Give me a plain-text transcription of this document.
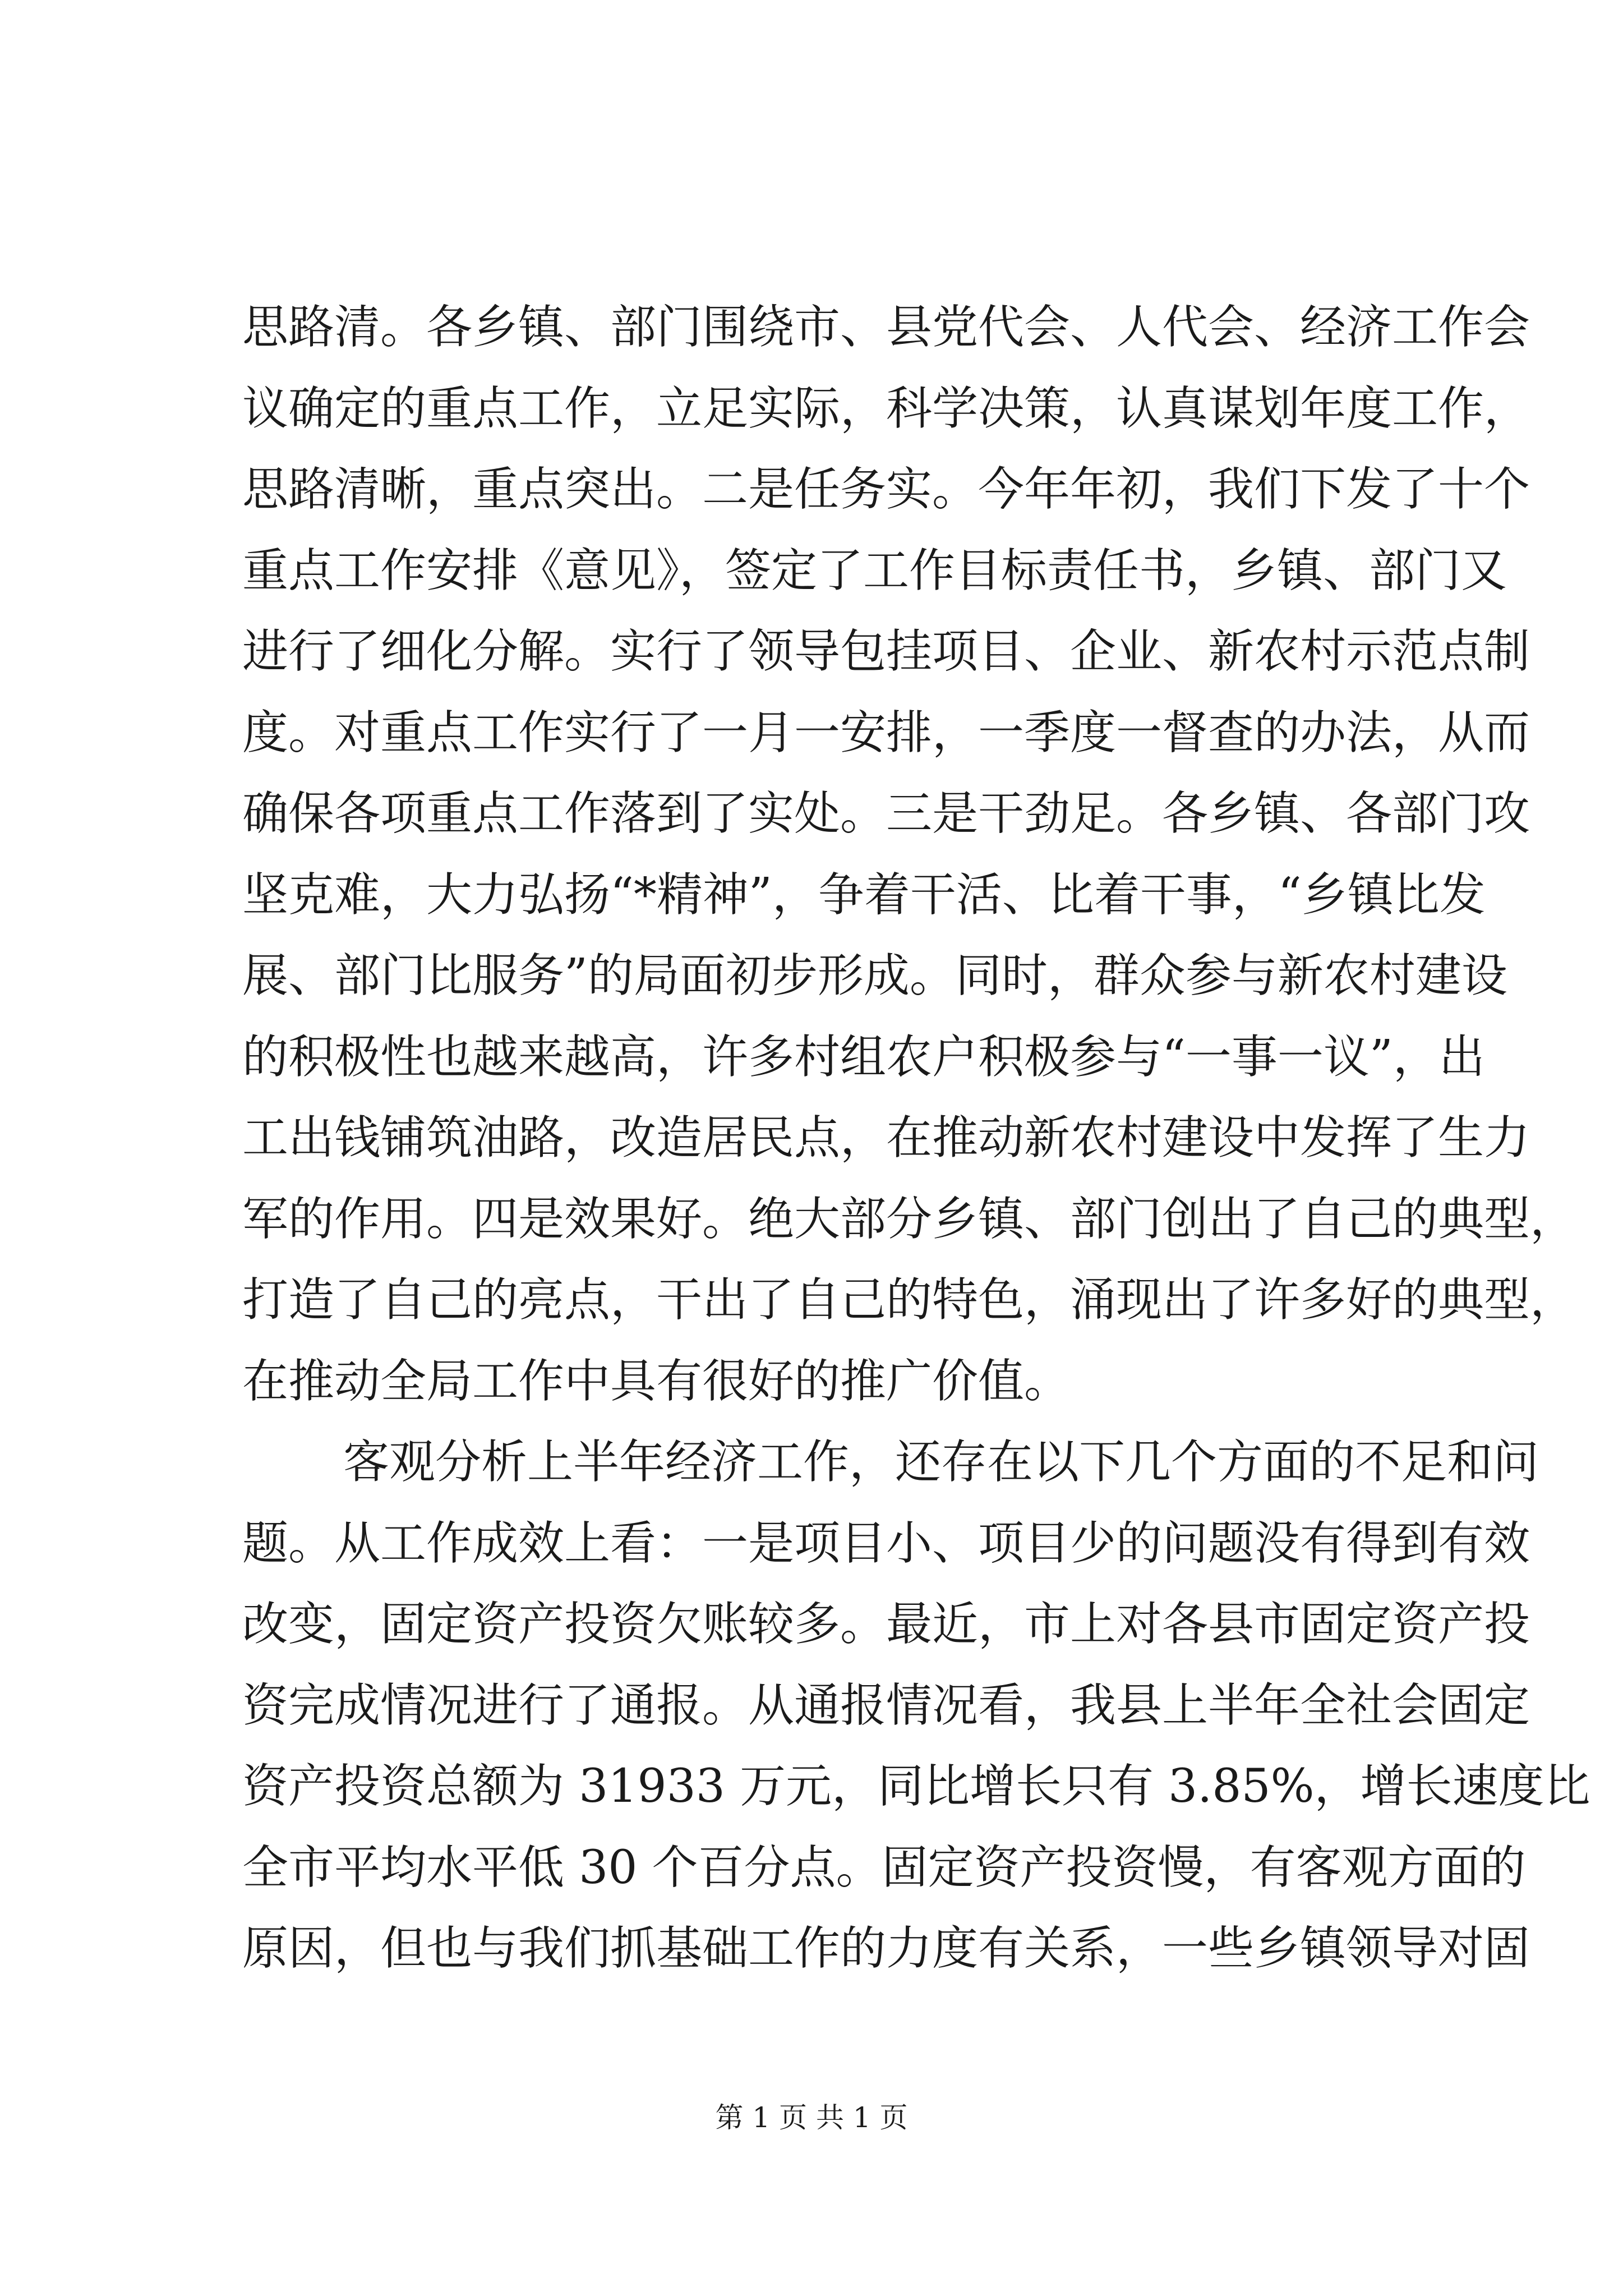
思路清。各乡镇、部门围绕市、县党代会、人代会、经济工作会
议确定的重点工作，立足实际，科学决策，认真谋划年度工作，
思路清晰，重点突出。二是任务实。今年年初，我们下发了十个
重点工作安排《意见》，签定了工作目标责任书，乡镇、部门又
进行了细化分解。实行了领导包挂项目、企业、新农村示范点制
度。对重点工作实行了一月一安排，一季度一督查的办法，从而
确保各项重点工作落到了实处。三是干劲足。各乡镇、各部门攻
坚克难，大力弘扬“*精神”，争着干活、比着干事，“乡镇比发
展、部门比服务”的局面初步形成。同时，群众参与新农村建设
的积极性也越来越高，许多村组农户积极参与“一事一议”，出
工出钱铺筑油路，改造居民点，在推动新农村建设中发挥了生力
军的作用。四是效果好。绝大部分乡镇、部门创出了自己的典型，
打造了自己的亮点，干出了自己的特色，涌现出了许多好的典型，
在推动全局工作中具有很好的推广价值。
客观分析上半年经济工作，还存在以下几个方面的不足和问
题。从工作成效上看：一是项目小、项目少的问题没有得到有效
改变，固定资产投资欠账较多。最近，市上对各县市固定资产投
资完成情况进行了通报。从通报情况看，我县上半年全社会固定
资产投资总额为 31933 万元，同比增长只有 3.85%，增长速度比
全市平均水平低 30 个百分点。固定资产投资慢，有客观方面的
原因，但也与我们抓基础工作的力度有关系，一些乡镇领导对固
第 1 页 共 1 页
